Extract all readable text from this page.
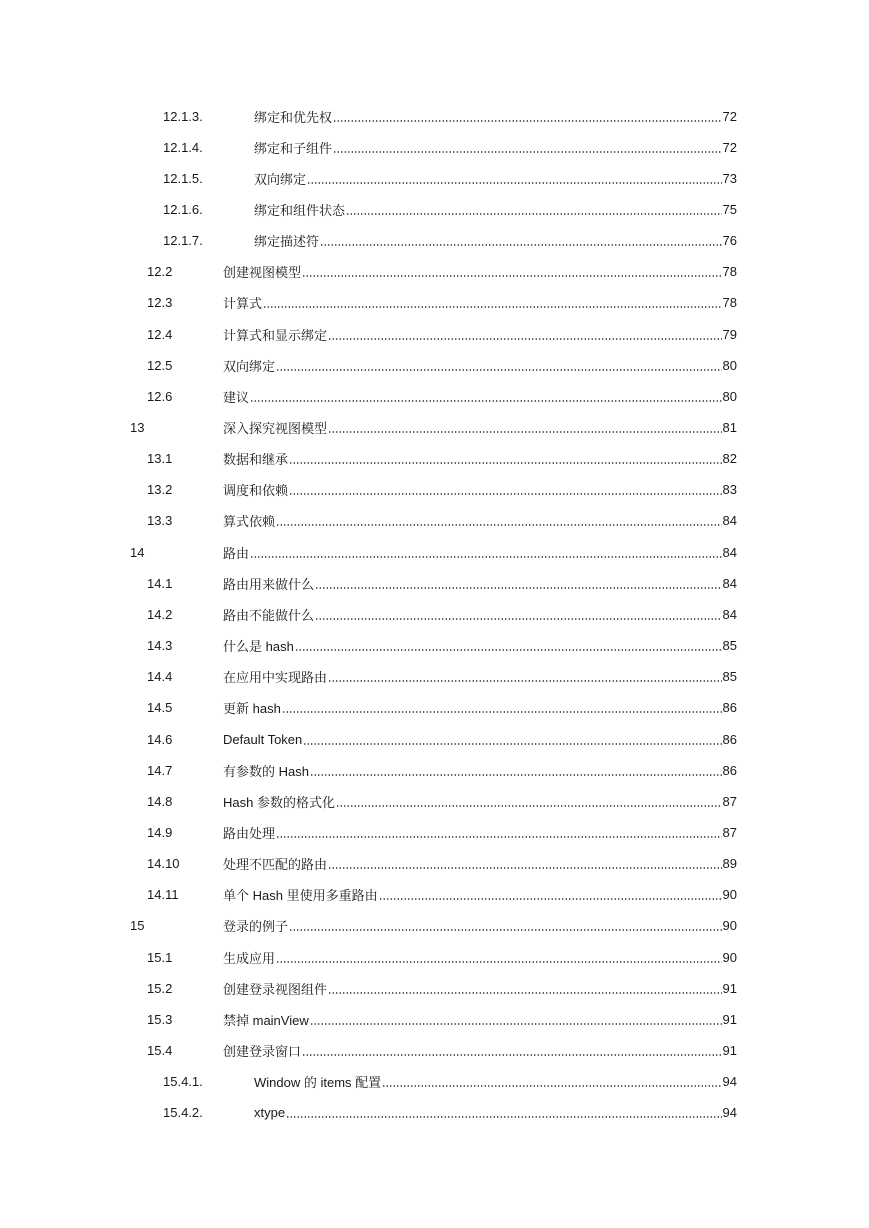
12.1.3.	绑定和优先权	72
12.1.4.	绑定和子组件	72
12.1.5.	双向绑定	73
12.1.6.	绑定和组件状态	75
12.1.7.	绑定描述符	76
12.2	创建视图模型	78
12.3	计算式	78
12.4	计算式和显示绑定	79
12.5	双向绑定	80
12.6	建议	80
13	深入探究视图模型	81
13.1	数据和继承	82
13.2	调度和依赖	83
13.3	算式依赖	84
14	路由	84
14.1	路由用来做什么	84
14.2	路由不能做什么	84
14.3	什么是 hash	85
14.4	在应用中实现路由	85
14.5	更新 hash	86
14.6	Default Token	86
14.7	有参数的 Hash	86
14.8	Hash 参数的格式化	87
14.9	路由处理	87
14.10	处理不匹配的路由	89
14.11	单个 Hash 里使用多重路由	90
15	登录的例子	90
15.1	生成应用	90
15.2	创建登录视图组件	91
15.3	禁掉 mainView	91
15.4	创建登录窗口	91
15.4.1.	Window 的 items 配置	94
15.4.2.	xtype	94
